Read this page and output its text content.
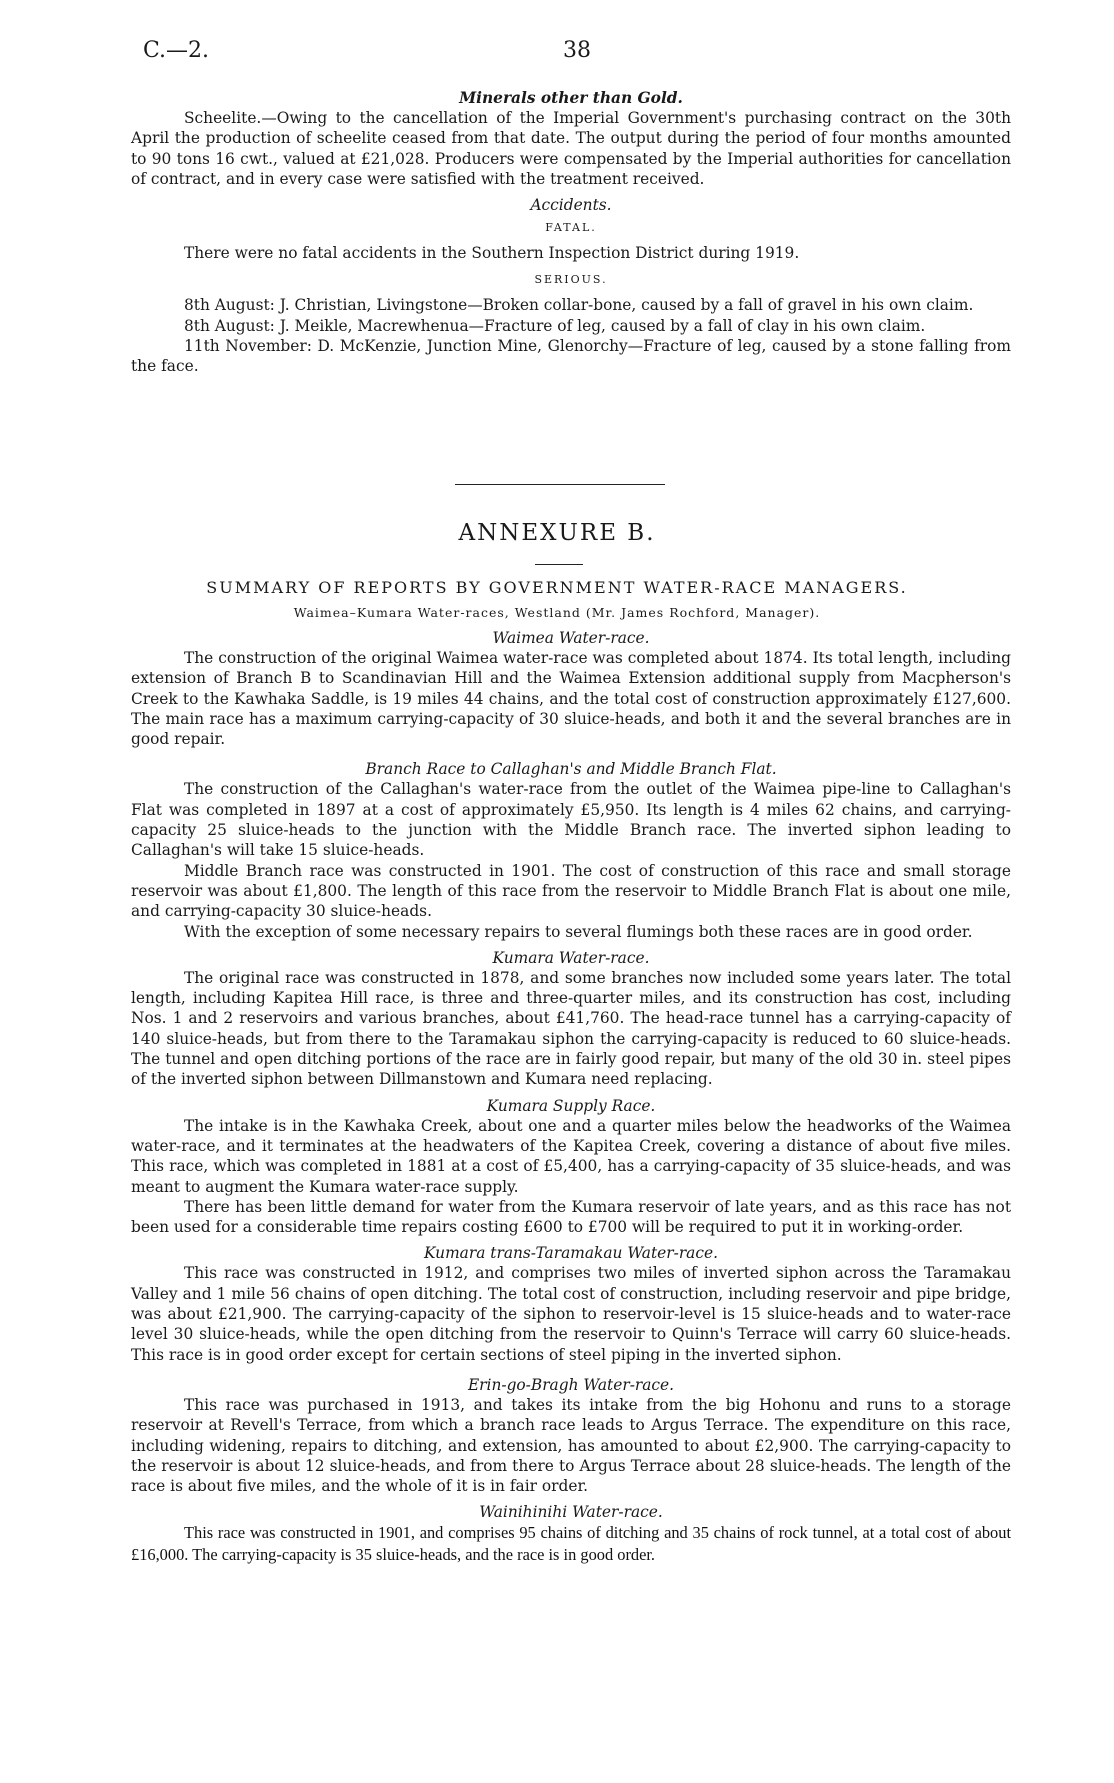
C.—2.	38
Minerals other than Gold.

Scheelite.—Owing to the cancellation of the Imperial Government's purchasing contract on the 30th April the production of scheelite ceased from that date. The output during the period of four months amounted to 90 tons 16 cwt., valued at £21,028. Producers were compensated by the Imperial authorities for cancellation of contract, and in every case were satisfied with the treatment received.

Accidents.
FATAL.

There were no fatal accidents in the Southern Inspection District during 1919.

SERIOUS.

8th August: J. Christian, Livingstone—Broken collar-bone, caused by a fall of gravel in his own claim.

8th August: J. Meikle, Macrewhenua—Fracture of leg, caused by a fall of clay in his own claim.

11th November: D. McKenzie, Junction Mine, Glenorchy—Fracture of leg, caused by a stone falling from the face.

ANNEXURE B.
SUMMARY OF REPORTS BY GOVERNMENT WATER-RACE MANAGERS.
Waimea–Kumara Water-races, Westland (Mr. James Rochford, Manager).
Waimea Water-race.

The construction of the original Waimea water-race was completed about 1874. Its total length, including extension of Branch B to Scandinavian Hill and the Waimea Extension additional supply from Macpherson's Creek to the Kawhaka Saddle, is 19 miles 44 chains, and the total cost of construction approximately £127,600. The main race has a maximum carrying-capacity of 30 sluice-heads, and both it and the several branches are in good repair.

Branch Race to Callaghan's and Middle Branch Flat.

The construction of the Callaghan's water-race from the outlet of the Waimea pipe-line to Callaghan's Flat was completed in 1897 at a cost of approximately £5,950. Its length is 4 miles 62 chains, and carrying-capacity 25 sluice-heads to the junction with the Middle Branch race. The inverted siphon leading to Callaghan's will take 15 sluice-heads.

Middle Branch race was constructed in 1901. The cost of construction of this race and small storage reservoir was about £1,800. The length of this race from the reservoir to Middle Branch Flat is about one mile, and carrying-capacity 30 sluice-heads.

With the exception of some necessary repairs to several flumings both these races are in good order.

Kumara Water-race.

The original race was constructed in 1878, and some branches now included some years later. The total length, including Kapitea Hill race, is three and three-quarter miles, and its construction has cost, including Nos. 1 and 2 reservoirs and various branches, about £41,760. The head-race tunnel has a carrying-capacity of 140 sluice-heads, but from there to the Taramakau siphon the carrying-capacity is reduced to 60 sluice-heads. The tunnel and open ditching portions of the race are in fairly good repair, but many of the old 30 in. steel pipes of the inverted siphon between Dillmanstown and Kumara need replacing.

Kumara Supply Race.

The intake is in the Kawhaka Creek, about one and a quarter miles below the headworks of the Waimea water-race, and it terminates at the headwaters of the Kapitea Creek, covering a distance of about five miles. This race, which was completed in 1881 at a cost of £5,400, has a carrying-capacity of 35 sluice-heads, and was meant to augment the Kumara water-race supply.

There has been little demand for water from the Kumara reservoir of late years, and as this race has not been used for a considerable time repairs costing £600 to £700 will be required to put it in working-order.

Kumara trans-Taramakau Water-race.

This race was constructed in 1912, and comprises two miles of inverted siphon across the Taramakau Valley and 1 mile 56 chains of open ditching. The total cost of construction, including reservoir and pipe bridge, was about £21,900. The carrying-capacity of the siphon to reservoir-level is 15 sluice-heads and to water-race level 30 sluice-heads, while the open ditching from the reservoir to Quinn's Terrace will carry 60 sluice-heads. This race is in good order except for certain sections of steel piping in the inverted siphon.

Erin-go-Bragh Water-race.

This race was purchased in 1913, and takes its intake from the big Hohonu and runs to a storage reservoir at Revell's Terrace, from which a branch race leads to Argus Terrace. The expenditure on this race, including widening, repairs to ditching, and extension, has amounted to about £2,900. The carrying-capacity to the reservoir is about 12 sluice-heads, and from there to Argus Terrace about 28 sluice-heads. The length of the race is about five miles, and the whole of it is in fair order.

Wainihinihi Water-race.

This race was constructed in 1901, and comprises 95 chains of ditching and 35 chains of rock tunnel, at a total cost of about £16,000. The carrying-capacity is 35 sluice-heads, and the race is in good order.
